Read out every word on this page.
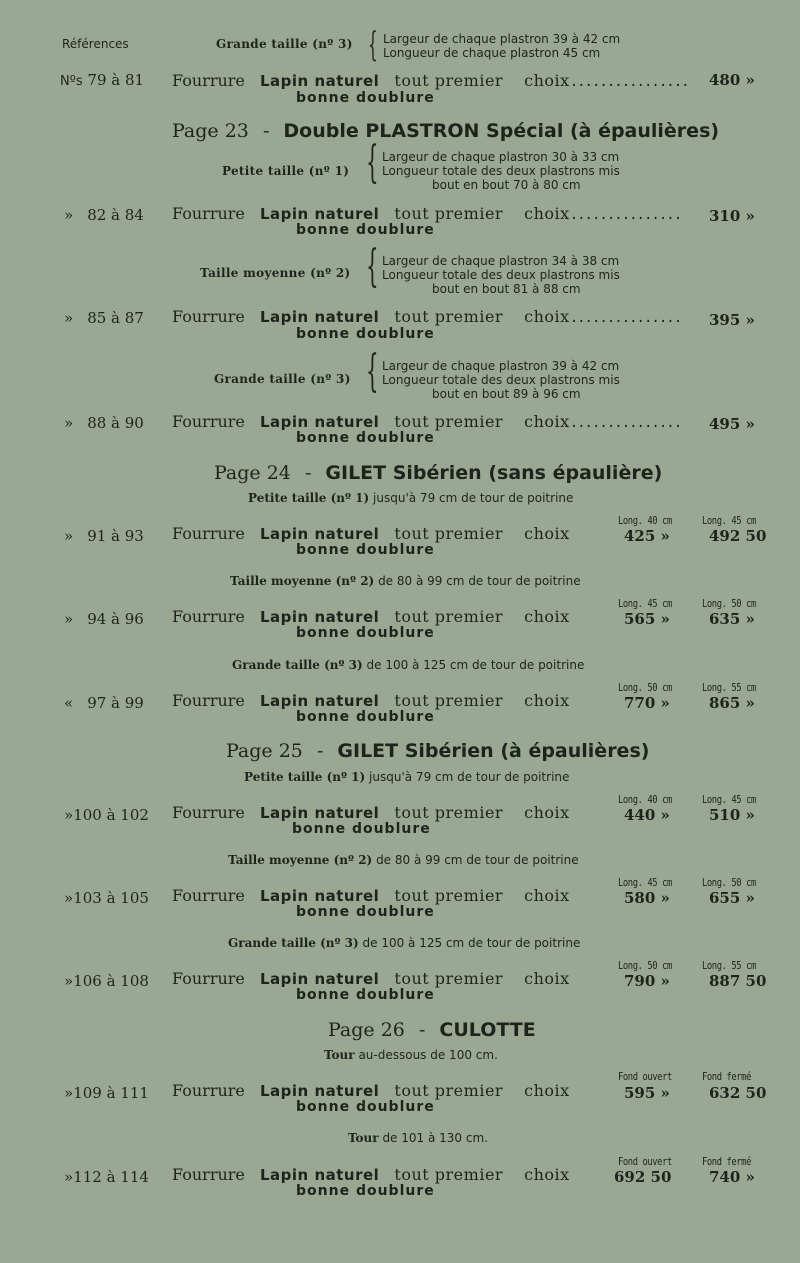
Références	Grande taille (nº 3) { Largeur de chaque plastron 39 à 42 cm
Longueur de chaque plastron 45 cm
Nºs 79 à 81 Fourrure Lapin naturel tout premier choix................
bonne doublure
480 »
Page 23 - Double PLASTRON Spécial (à épaulières)
Petite taille (nº 1) { Largeur de chaque plastron 30 à 33 cm
Longueur totale des deux plastrons mis
bout en bout 70 à 80 cm
» 82 à 84 Fourrure Lapin naturel tout premier choix...............
bonne doublure
310 »
Taille moyenne (nº 2) { Largeur de chaque plastron 34 à 38 cm
Longueur totale des deux plastrons mis
bout en bout 81 à 88 cm
» 85 à 87 Fourrure Lapin naturel tout premier choix...............
bonne doublure
395 »
Grande taille (nº 3) { Largeur de chaque plastron 39 à 42 cm
Longueur totale des deux plastrons mis
bout en bout 89 à 96 cm
» 88 à 90 Fourrure Lapin naturel tout premier choix...............
bonne doublure
495 »
Page 24 - GILET Sibérien (sans épaulière)
Petite taille (nº 1) jusqu'à 79 cm de tour de poitrine
Long. 40 cm	Long. 45 cm
» 91 à 93 Fourrure Lapin naturel tout premier choix
bonne doublure
425 »	492 50
Taille moyenne (nº 2) de 80 à 99 cm de tour de poitrine
Long. 45 cm	Long. 50 cm
» 94 à 96 Fourrure Lapin naturel tout premier choix
bonne doublure
565 »	635 »
Grande taille (nº 3) de 100 à 125 cm de tour de poitrine
Long. 50 cm	Long. 55 cm
« 97 à 99 Fourrure Lapin naturel tout premier choix
bonne doublure
770 »	865 »
Page 25 - GILET Sibérien (à épaulières)
Petite taille (nº 1) jusqu'à 79 cm de tour de poitrine
Long. 40 cm	Long. 45 cm
»100 à 102 Fourrure Lapin naturel tout premier choix
bonne doublure
440 »	510 »
Taille moyenne (nº 2) de 80 à 99 cm de tour de poitrine
Long. 45 cm	Long. 50 cm
»103 à 105 Fourrure Lapin naturel tout premier choix
bonne doublure
580 »	655 »
Grande taille (nº 3) de 100 à 125 cm de tour de poitrine
Long. 50 cm	Long. 55 cm
»106 à 108 Fourrure Lapin naturel tout premier choix
bonne doublure
790 »	887 50
Page 26 - CULOTTE
Tour au-dessous de 100 cm.
Fond ouvert	Fond fermé
»109 à 111 Fourrure Lapin naturel tout premier choix
bonne doublure
595 »	632 50
Tour de 101 à 130 cm.
Fond ouvert	Fond fermé
»112 à 114 Fourrure Lapin naturel tout premier choix
bonne doublure
692 50	740 »
